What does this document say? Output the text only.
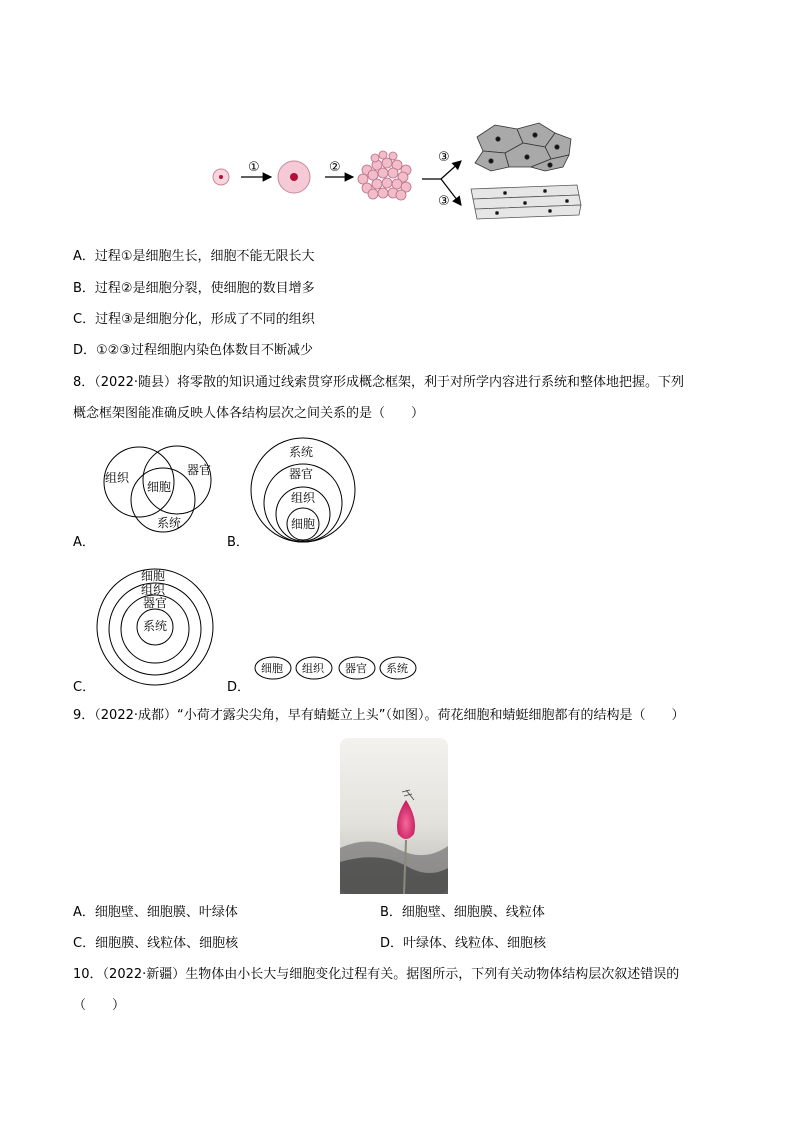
①	②
③
③
A．过程①是细胞生长，细胞不能无限长大
B．过程②是细胞分裂，使细胞的数目增多
C．过程③是细胞分化，形成了不同的组织
D．①②③过程细胞内染色体数目不断减少
8．（2022·随县）将零散的知识通过线索贯穿形成概念框架，利于对所学内容进行系统和整体地把握。下列
概念框架图能准确反映人体各结构层次之间关系的是（　　）
组织
器官
细胞
系统
A．
系统
器官
组织
细胞
B．
细胞
组织
器官
系统
C．
细胞 组织 器官 系统
D．
9．（2022·成都）“小荷才露尖尖角，早有蜻蜓立上头”（如图）。荷花细胞和蜻蜓细胞都有的结构是（　　）
A．细胞壁、细胞膜、叶绿体	B．细胞壁、细胞膜、线粒体
C．细胞膜、线粒体、细胞核	D．叶绿体、线粒体、细胞核
10．（2022·新疆）生物体由小长大与细胞变化过程有关。据图所示，下列有关动物体结构层次叙述错误的
（　　）
